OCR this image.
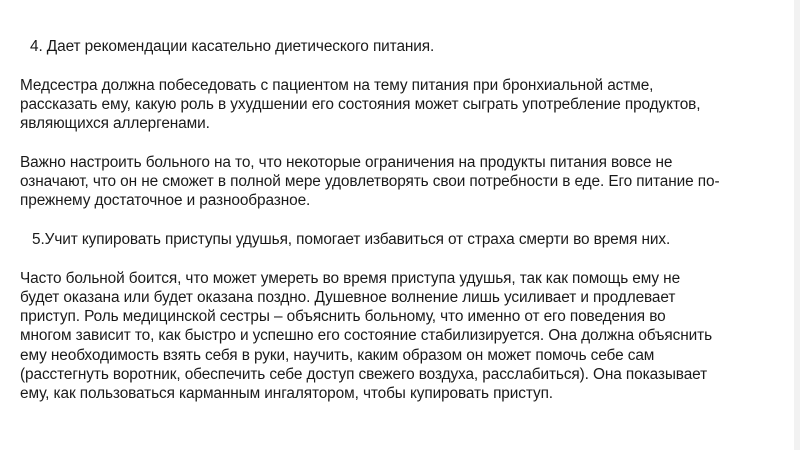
4. Дает рекомендации касательно диетического питания.

Медсестра должна побеседовать с пациентом на тему питания при бронхиальной астме, рассказать ему, какую роль в ухудшении его состояния может сыграть употребление продуктов, являющихся аллергенами.

Важно настроить больного на то, что некоторые ограничения на продукты питания вовсе не означают, что он не сможет в полной мере удовлетворять свои потребности в еде. Его питание по-прежнему достаточное и разнообразное.

5.Учит купировать приступы удушья, помогает избавиться от страха смерти во время них.

Часто больной боится, что может умереть во время приступа удушья, так как помощь ему не будет оказана или будет оказана поздно. Душевное волнение лишь усиливает и продлевает приступ. Роль медицинской сестры – объяснить больному, что именно от его поведения во многом зависит то, как быстро и успешно его состояние стабилизируется. Она должна объяснить ему необходимость взять себя в руки, научить, каким образом он может помочь себе сам (расстегнуть воротник, обеспечить себе доступ свежего воздуха, расслабиться). Она показывает ему, как пользоваться карманным ингалятором, чтобы купировать приступ.
